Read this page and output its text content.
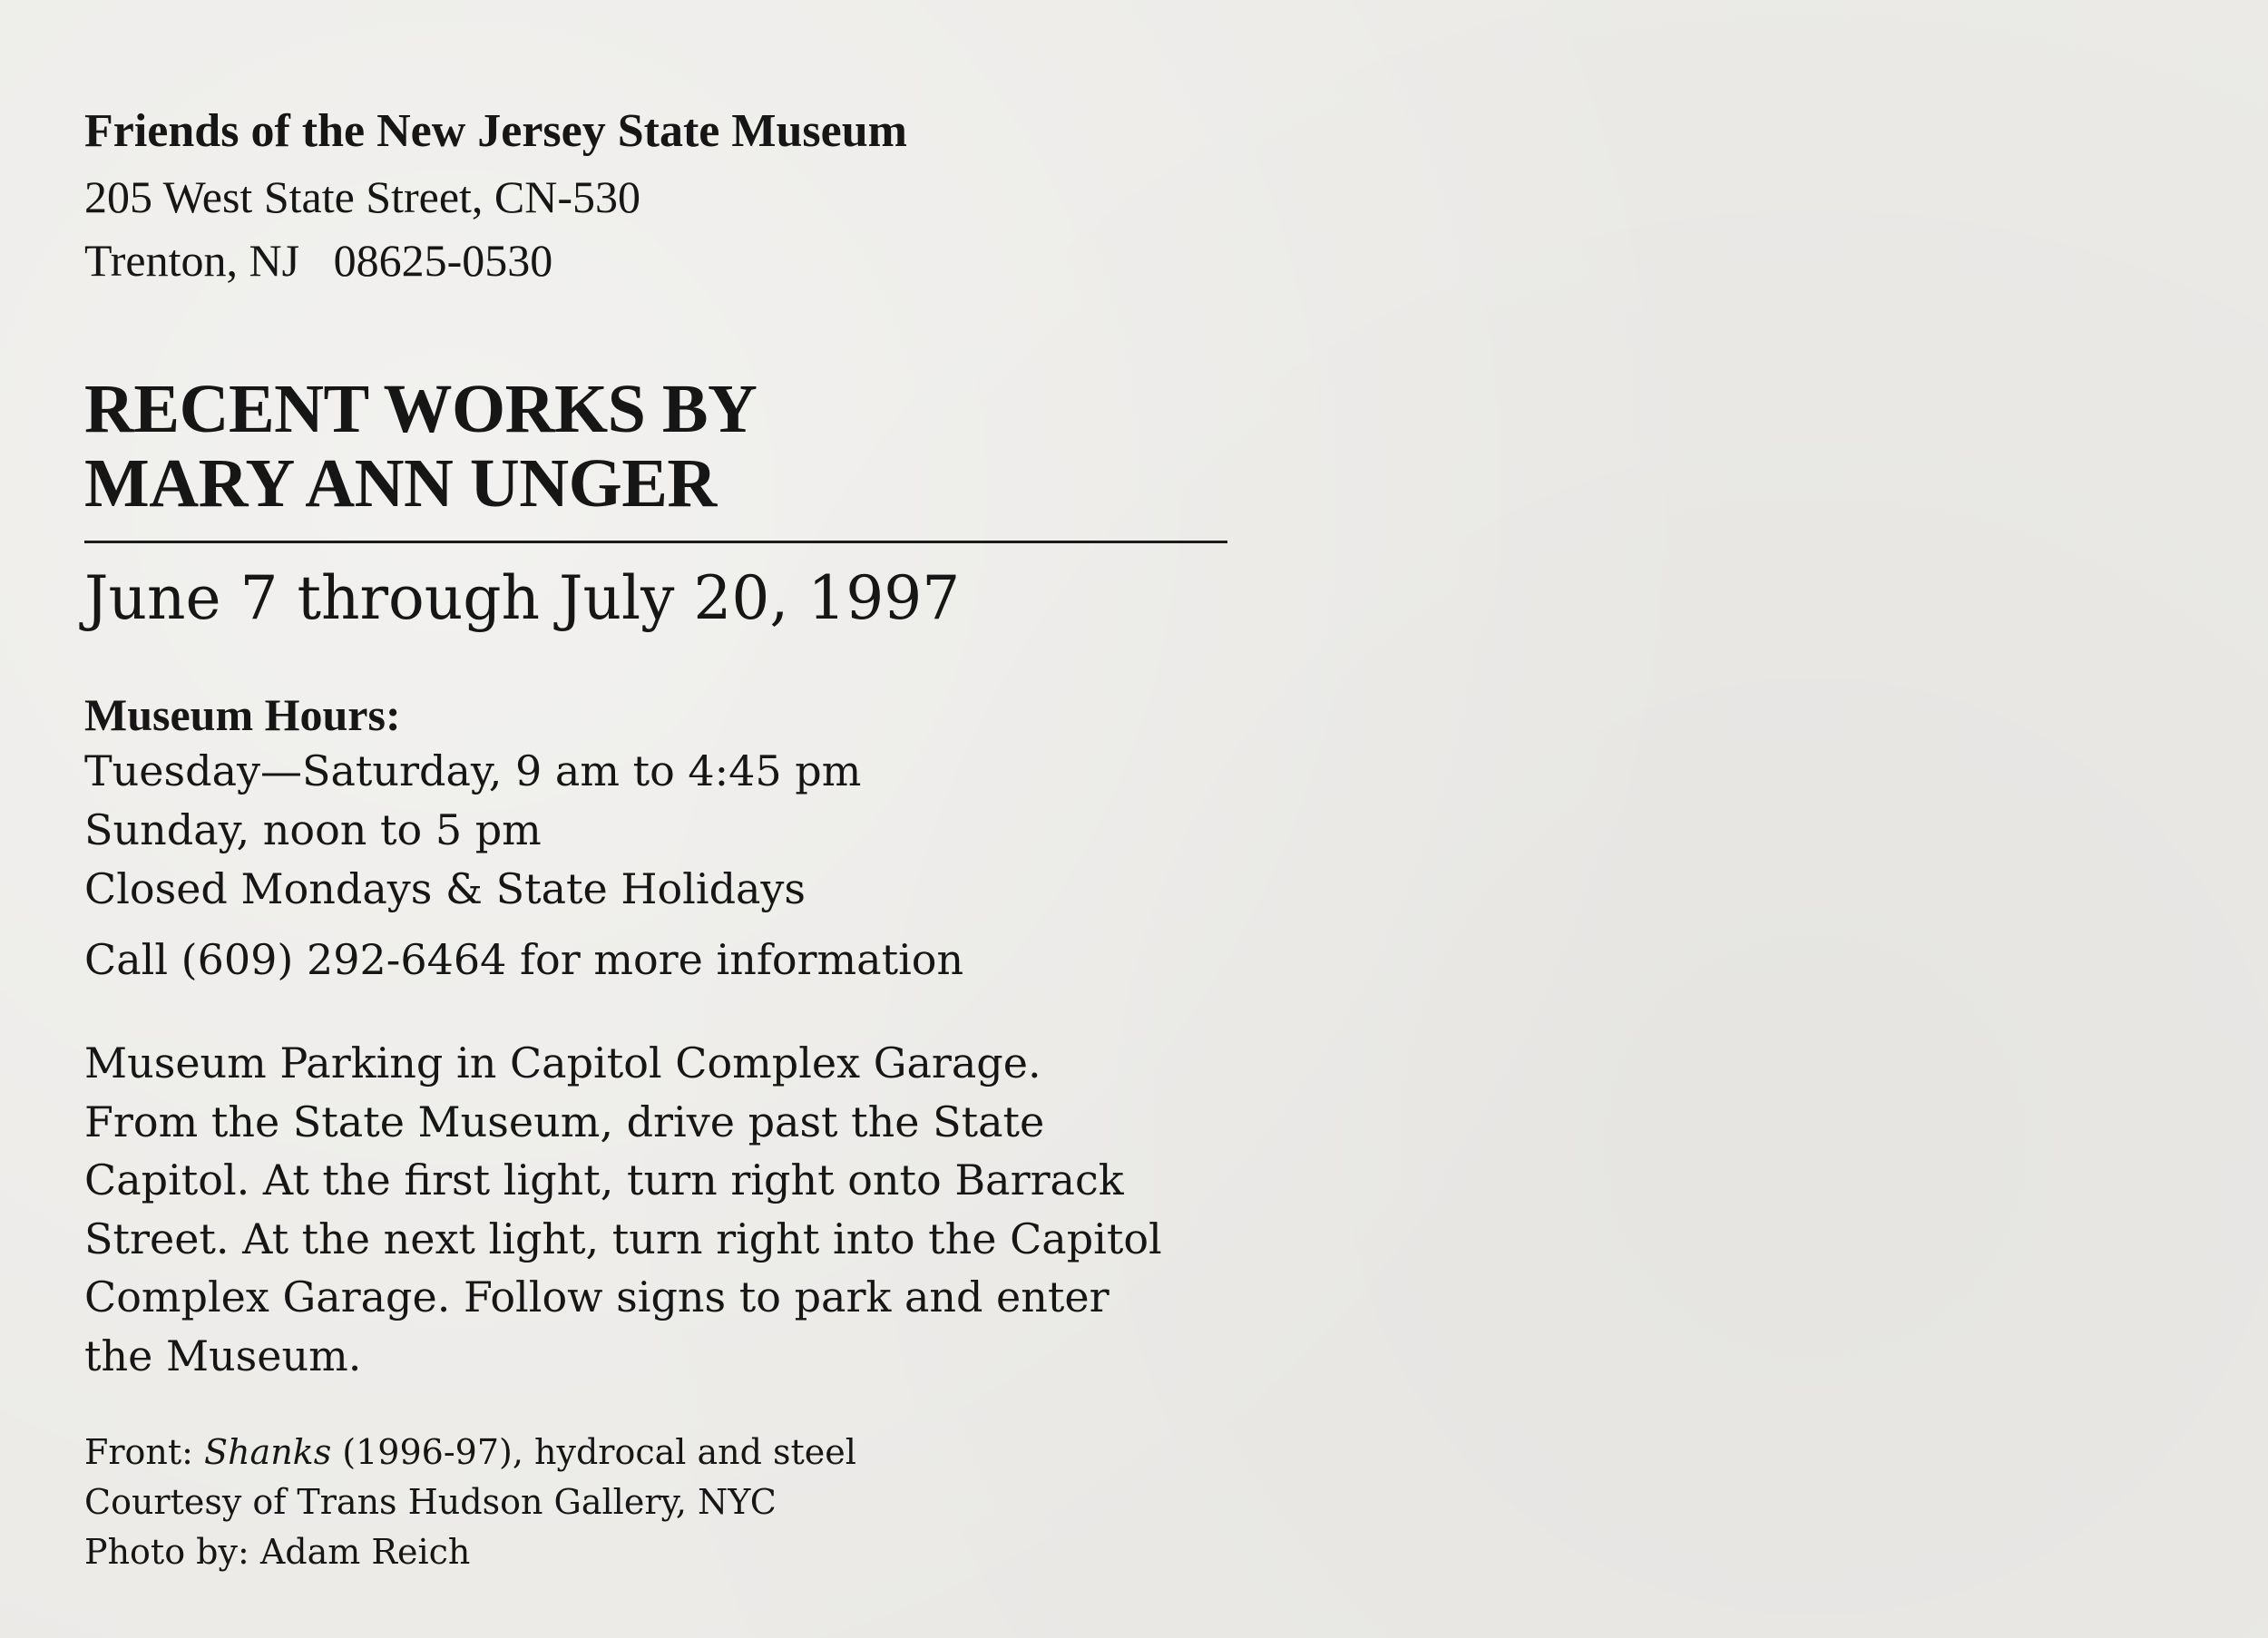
Friends of the New Jersey State Museum
205 West State Street, CN-530
Trenton, NJ   08625-0530
RECENT WORKS BY
MARY ANN UNGER
June 7 through July 20, 1997
Museum Hours:
Tuesday—Saturday, 9 am to 4:45 pm
Sunday, noon to 5 pm
Closed Mondays & State Holidays
Call (609) 292-6464 for more information
Museum Parking in Capitol Complex Garage.
From the State Museum, drive past the State
Capitol. At the first light, turn right onto Barrack
Street. At the next light, turn right into the Capitol
Complex Garage. Follow signs to park and enter
the Museum.
Front: Shanks (1996-97), hydrocal and steel
Courtesy of Trans Hudson Gallery, NYC
Photo by: Adam Reich
